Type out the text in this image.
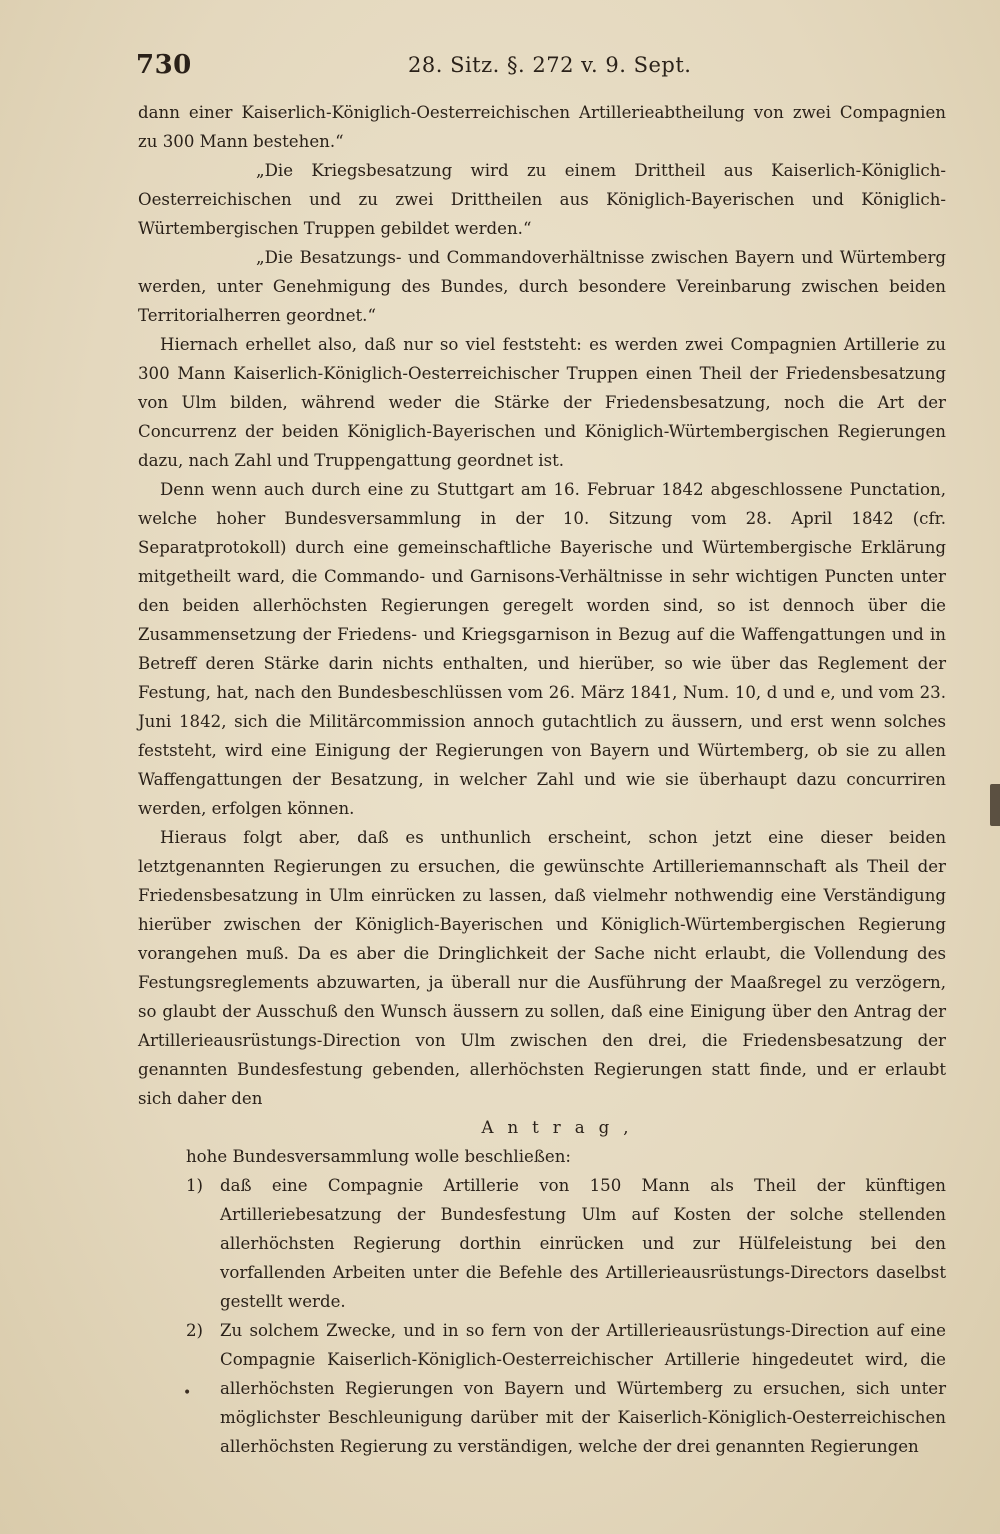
730	28. Sitz. §. 272 v. 9. Sept.

dann einer Kaiserlich-Königlich-Oesterreichischen Artillerieabtheilung von zwei Compagnien zu 300 Mann bestehen.“

„Die Kriegsbesatzung wird zu einem Drittheil aus Kaiserlich-Königlich-Oesterreichischen und zu zwei Drittheilen aus Königlich-Bayerischen und Königlich-Würtembergischen Truppen gebildet werden.“

„Die Besatzungs- und Commandoverhältnisse zwischen Bayern und Würtemberg werden, unter Genehmigung des Bundes, durch besondere Vereinbarung zwischen beiden Territorialherren geordnet.“

Hiernach erhellet also, daß nur so viel feststeht: es werden zwei Compagnien Artillerie zu 300 Mann Kaiserlich-Königlich-Oesterreichischer Truppen einen Theil der Friedensbesatzung von Ulm bilden, während weder die Stärke der Friedensbesatzung, noch die Art der Concurrenz der beiden Königlich-Bayerischen und Königlich-Würtembergischen Regierungen dazu, nach Zahl und Truppengattung geordnet ist.

Denn wenn auch durch eine zu Stuttgart am 16. Februar 1842 abgeschlossene Punctation, welche hoher Bundesversammlung in der 10. Sitzung vom 28. April 1842 (cfr. Separatprotokoll) durch eine gemeinschaftliche Bayerische und Würtembergische Erklärung mitgetheilt ward, die Commando- und Garnisons-Verhältnisse in sehr wichtigen Puncten unter den beiden allerhöchsten Regierungen geregelt worden sind, so ist dennoch über die Zusammensetzung der Friedens- und Kriegsgarnison in Bezug auf die Waffengattungen und in Betreff deren Stärke darin nichts enthalten, und hierüber, so wie über das Reglement der Festung, hat, nach den Bundesbeschlüssen vom 26. März 1841, Num. 10, d und e, und vom 23. Juni 1842, sich die Militärcommission annoch gutachtlich zu äussern, und erst wenn solches feststeht, wird eine Einigung der Regierungen von Bayern und Würtemberg, ob sie zu allen Waffengattungen der Besatzung, in welcher Zahl und wie sie überhaupt dazu concurriren werden, erfolgen können.

Hieraus folgt aber, daß es unthunlich erscheint, schon jetzt eine dieser beiden letztgenannten Regierungen zu ersuchen, die gewünschte Artilleriemannschaft als Theil der Friedensbesatzung in Ulm einrücken zu lassen, daß vielmehr nothwendig eine Verständigung hierüber zwischen der Königlich-Bayerischen und Königlich-Würtembergischen Regierung vorangehen muß. Da es aber die Dringlichkeit der Sache nicht erlaubt, die Vollendung des Festungsreglements abzuwarten, ja überall nur die Ausführung der Maaßregel zu verzögern, so glaubt der Ausschuß den Wunsch äussern zu sollen, daß eine Einigung über den Antrag der Artillerieausrüstungs-Direction von Ulm zwischen den drei, die Friedensbesatzung der genannten Bundesfestung gebenden, allerhöchsten Regierungen statt finde, und er erlaubt sich daher den

Antrag,

hohe Bundesversammlung wolle beschließen:

1) daß eine Compagnie Artillerie von 150 Mann als Theil der künftigen Artilleriebesatzung der Bundesfestung Ulm auf Kosten der solche stellenden allerhöchsten Regierung dorthin einrücken und zur Hülfeleistung bei den vorfallenden Arbeiten unter die Befehle des Artillerieausrüstungs-Directors daselbst gestellt werde.
2) Zu solchem Zwecke, und in so fern von der Artillerieausrüstungs-Direction auf eine Compagnie Kaiserlich-Königlich-Oesterreichischer Artillerie hingedeutet wird, die allerhöchsten Regierungen von Bayern und Würtemberg zu ersuchen, sich unter möglichster Beschleunigung darüber mit der Kaiserlich-Königlich-Oesterreichischen allerhöchsten Regierung zu verständigen, welche der drei genannten Regierungen
•
